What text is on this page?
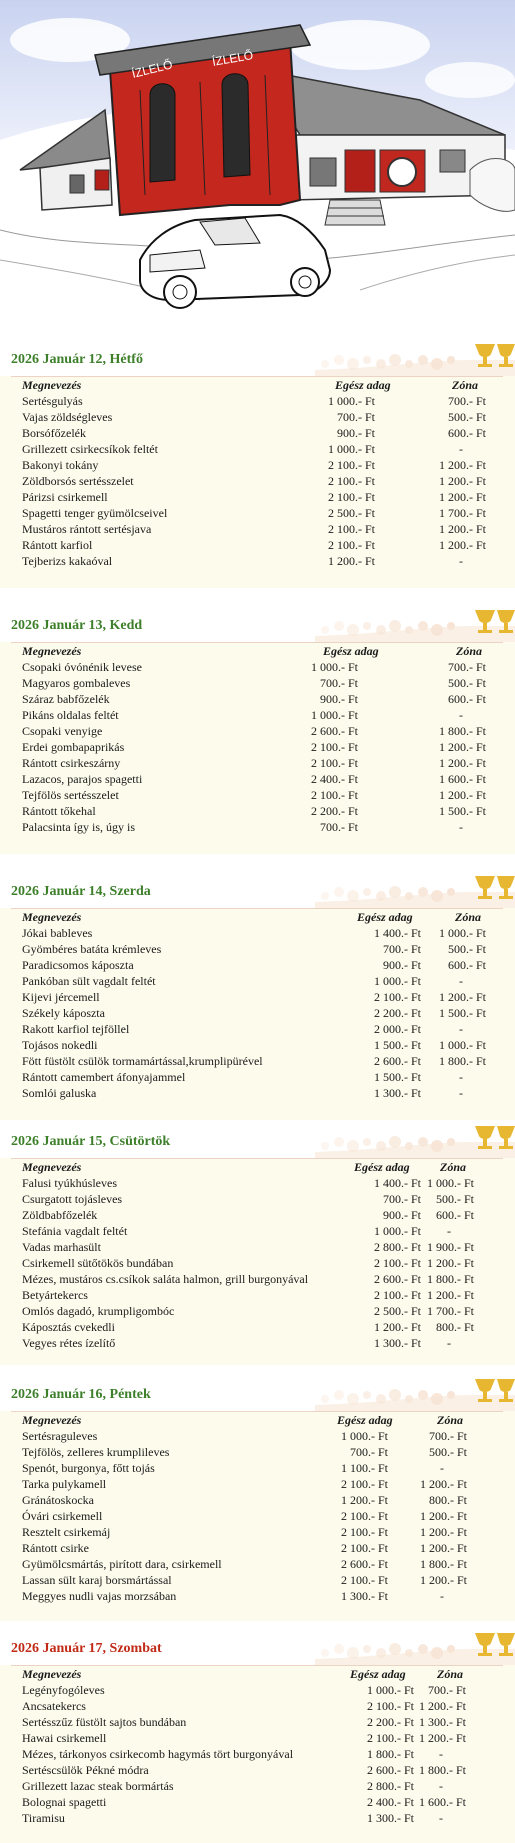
ÍZLELŐ	ÍZLELŐ
2026 Január 12, Hétfő
Megnevezés	Egész adag	Zóna
Sertésgulyás	1 000.- Ft	700.- Ft
Vajas zöldségleves	700.- Ft	500.- Ft
Borsófőzelék	900.- Ft	600.- Ft
Grillezett csirkecsíkok feltét	1 000.- Ft	-
Bakonyi tokány	2 100.- Ft	1 200.- Ft
Zöldborsós sertésszelet	2 100.- Ft	1 200.- Ft
Párizsi csirkemell	2 100.- Ft	1 200.- Ft
Spagetti tenger gyümölcseivel	2 500.- Ft	1 700.- Ft
Mustáros rántott sertésjava	2 100.- Ft	1 200.- Ft
Rántott karfiol	2 100.- Ft	1 200.- Ft
Tejberizs kakaóval	1 200.- Ft	-
2026 Január 13, Kedd
Megnevezés	Egész adag	Zóna
Csopaki óvónénik levese	1 000.- Ft	700.- Ft
Magyaros gombaleves	700.- Ft	500.- Ft
Száraz babfőzelék	900.- Ft	600.- Ft
Pikáns oldalas feltét	1 000.- Ft	-
Csopaki venyige	2 600.- Ft	1 800.- Ft
Erdei gombapaprikás	2 100.- Ft	1 200.- Ft
Rántott csirkeszárny	2 100.- Ft	1 200.- Ft
Lazacos, parajos spagetti	2 400.- Ft	1 600.- Ft
Tejfölös sertésszelet	2 100.- Ft	1 200.- Ft
Rántott tőkehal	2 200.- Ft	1 500.- Ft
Palacsinta így is, úgy is	700.- Ft	-
2026 Január 14, Szerda
Megnevezés	Egész adag	Zóna
Jókai bableves	1 400.- Ft	1 000.- Ft
Gyömbéres batáta krémleves	700.- Ft	500.- Ft
Paradicsomos káposzta	900.- Ft	600.- Ft
Pankóban sült vagdalt feltét	1 000.- Ft	-
Kijevi jércemell	2 100.- Ft	1 200.- Ft
Székely káposzta	2 200.- Ft	1 500.- Ft
Rakott karfiol tejföllel	2 000.- Ft	-
Tojásos nokedli	1 500.- Ft	1 000.- Ft
Fött füstölt csülök tormamártással,krumplipürével	2 600.- Ft	1 800.- Ft
Rántott camembert áfonyajammel	1 500.- Ft	-
Somlói galuska	1 300.- Ft	-
2026 Január 15, Csütörtök
Megnevezés	Egész adag	Zóna
Falusi tyúkhúsleves	1 400.- Ft 1 000.- Ft
Csurgatott tojásleves	700.- Ft	500.- Ft
Zöldbabfőzelék	900.- Ft	600.- Ft
Stefánia vagdalt feltét	1 000.- Ft -
Vadas marhasült	2 800.- Ft 1 900.- Ft
Csirkemell sütőtökös bundában	2 100.- Ft 1 200.- Ft
Mézes, mustáros cs.csíkok saláta halmon, grill burgonyával	2 600.- Ft 1 800.- Ft
Betyártekercs	2 100.- Ft 1 200.- Ft
Omlós dagadó, krumpligombóc	2 500.- Ft 1 700.- Ft
Káposztás cvekedli	1 200.- Ft	800.- Ft
Vegyes rétes ízelítő	1 300.- Ft -
2026 Január 16, Péntek
Megnevezés	Egész adag	Zóna
Sertésraguleves	1 000.- Ft	700.- Ft
Tejfölös, zelleres krumplileves	700.- Ft	500.- Ft
Spenót, burgonya, főtt tojás	1 100.- Ft	-
Tarka pulykamell	2 100.- Ft	1 200.- Ft
Gránátoskocka	1 200.- Ft	800.- Ft
Óvári csirkemell	2 100.- Ft	1 200.- Ft
Resztelt csirkemáj	2 100.- Ft	1 200.- Ft
Rántott csirke	2 100.- Ft	1 200.- Ft
Gyümölcsmártás, pirított dara, csirkemell	2 600.- Ft	1 800.- Ft
Lassan sült karaj borsmártással	2 100.- Ft	1 200.- Ft
Meggyes nudli vajas morzsában	1 300.- Ft	-
2026 Január 17, Szombat
Megnevezés	Egész adag	Zóna
Legényfogóleves	1 000.- Ft	700.- Ft
Ancsatekercs	2 100.- Ft 1 200.- Ft
Sertésszűz füstölt sajtos bundában	2 200.- Ft 1 300.- Ft
Hawai csirkemell	2 100.- Ft 1 200.- Ft
Mézes, tárkonyos csirkecomb hagymás tört burgonyával	1 800.- Ft -
Sertéscsülök Pékné módra	2 600.- Ft 1 800.- Ft
Grillezett lazac steak bormártás	2 800.- Ft -
Bolognai spagetti	2 400.- Ft 1 600.- Ft
Tiramisu	1 300.- Ft -
